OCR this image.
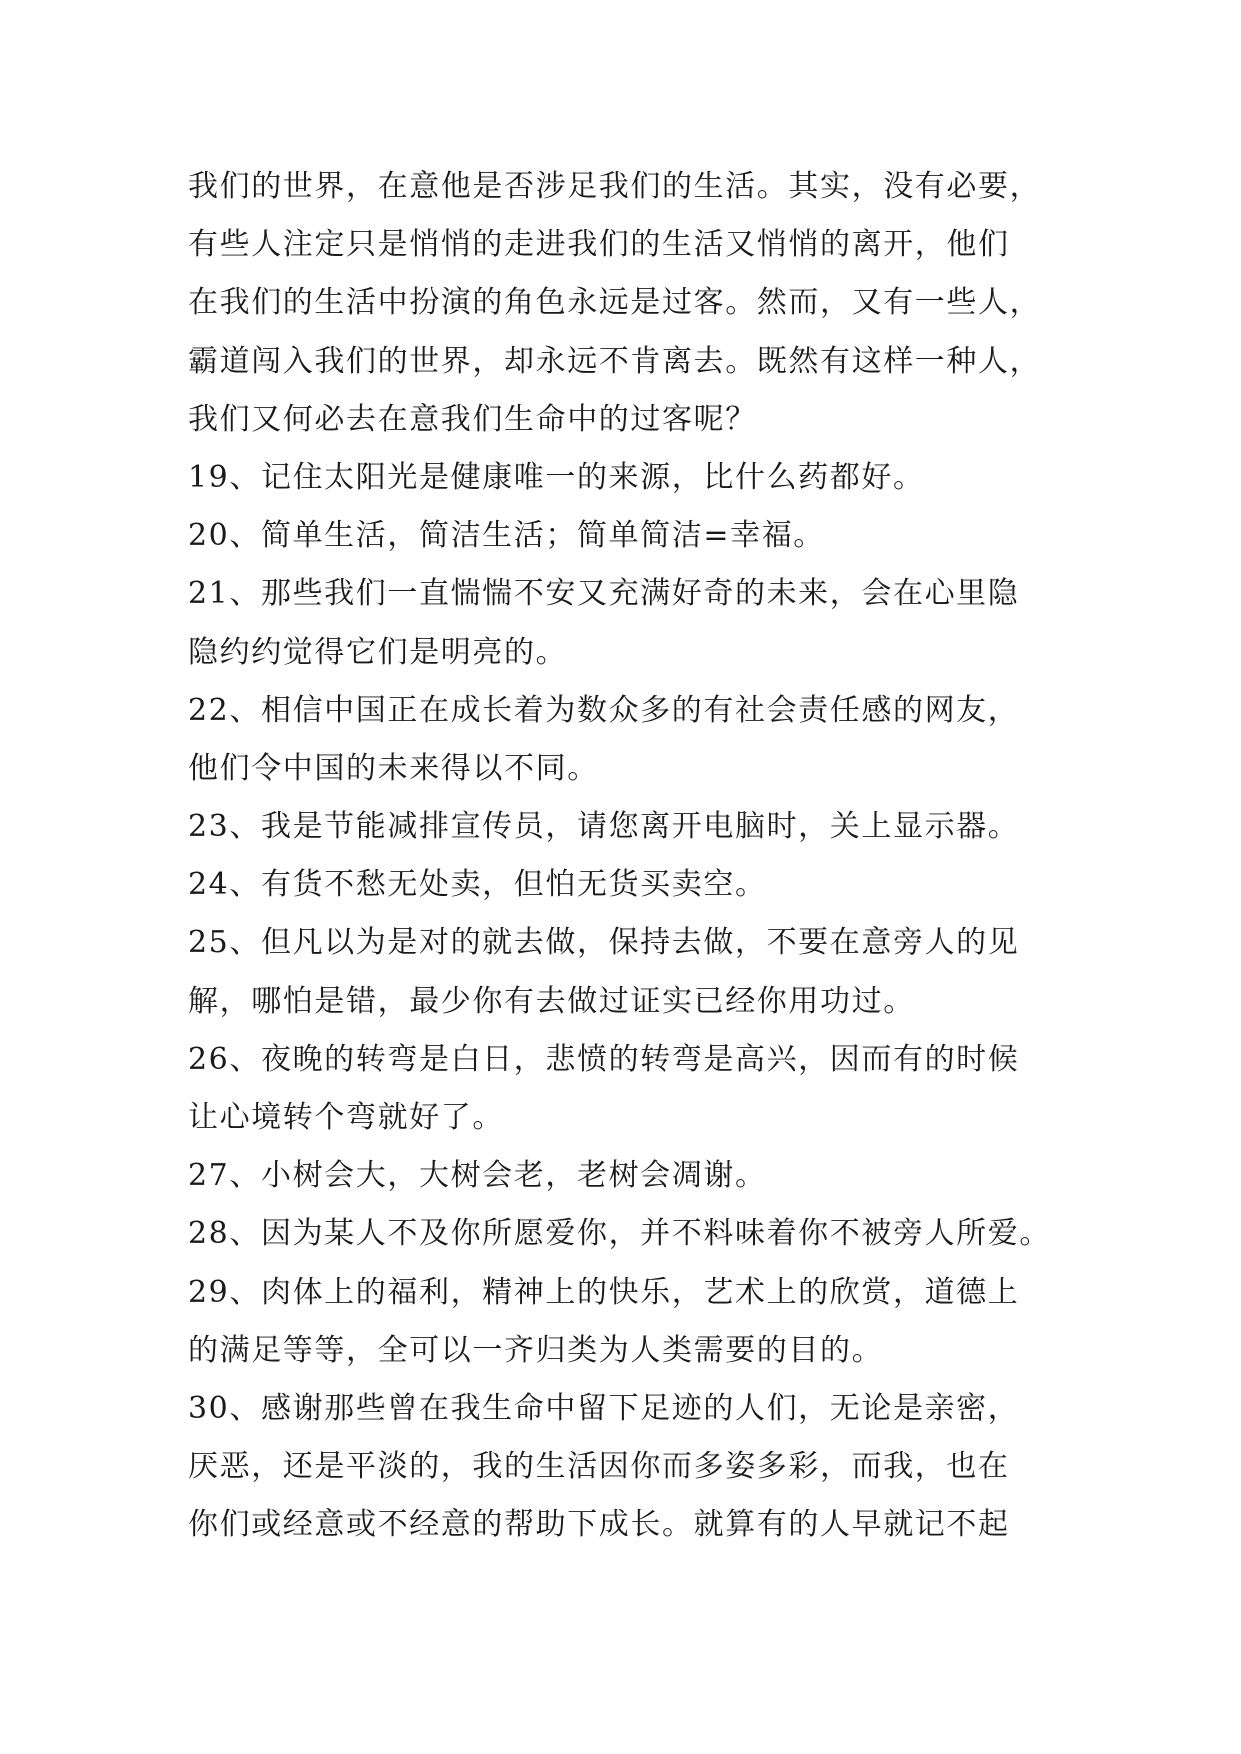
我们的世界，在意他是否涉足我们的生活。其实，没有必要，
有些人注定只是悄悄的走进我们的生活又悄悄的离开，他们
在我们的生活中扮演的角色永远是过客。然而，又有一些人，
霸道闯入我们的世界，却永远不肯离去。既然有这样一种人，
我们又何必去在意我们生命中的过客呢？
19、记住太阳光是健康唯一的来源，比什么药都好。
20、简单生活，简洁生活；简单简洁=幸福。
21、那些我们一直惴惴不安又充满好奇的未来，会在心里隐
隐约约觉得它们是明亮的。
22、相信中国正在成长着为数众多的有社会责任感的网友，
他们令中国的未来得以不同。
23、我是节能减排宣传员，请您离开电脑时，关上显示器。
24、有货不愁无处卖，但怕无货买卖空。
25、但凡以为是对的就去做，保持去做，不要在意旁人的见
解，哪怕是错，最少你有去做过证实已经你用功过。
26、夜晚的转弯是白日，悲愤的转弯是高兴，因而有的时候
让心境转个弯就好了。
27、小树会大，大树会老，老树会凋谢。
28、因为某人不及你所愿爱你，并不料味着你不被旁人所爱。
29、肉体上的福利，精神上的快乐，艺术上的欣赏，道德上
的满足等等，全可以一齐归类为人类需要的目的。
30、感谢那些曾在我生命中留下足迹的人们，无论是亲密，
厌恶，还是平淡的，我的生活因你而多姿多彩，而我，也在
你们或经意或不经意的帮助下成长。就算有的人早就记不起
